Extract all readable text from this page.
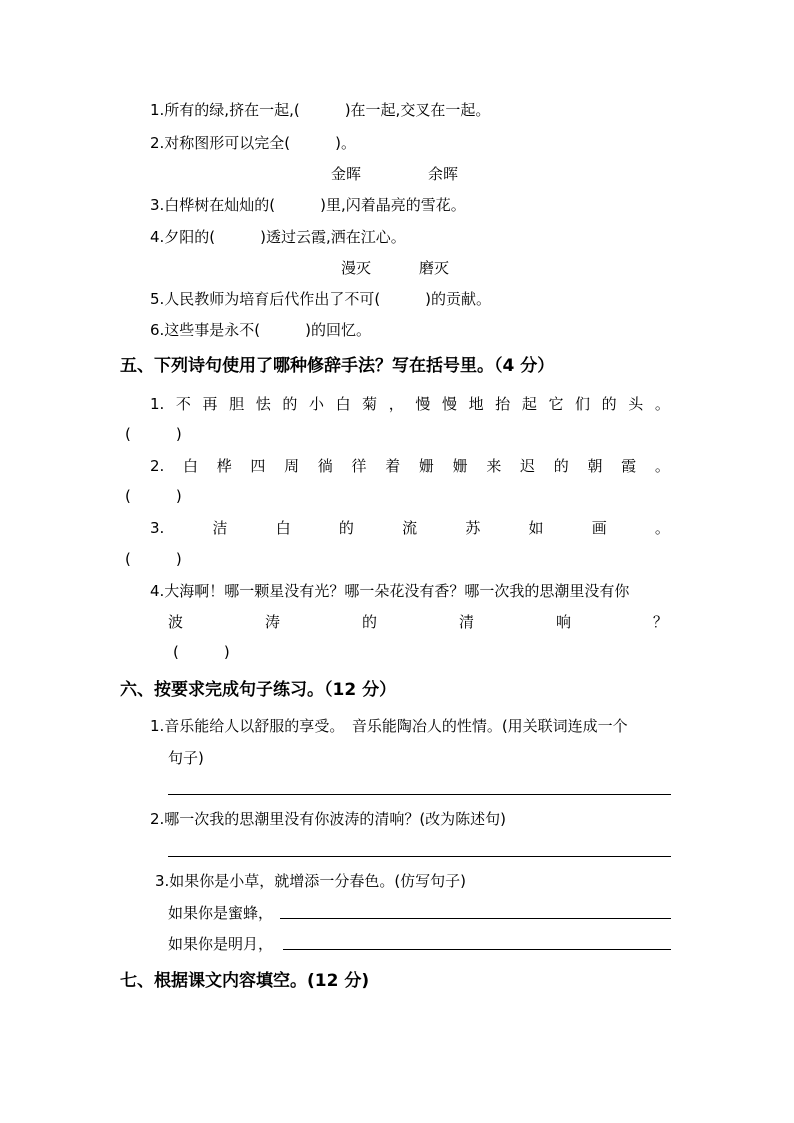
1.所有的绿,挤在一起,(　　　)在一起,交叉在一起。
2.对称图形可以完全(　　　)。
金晖	余晖
3.白桦树在灿灿的(　　　)里,闪着晶亮的雪花。
4.夕阳的(　　　)透过云霞,洒在江心。
漫灭	磨灭
5.人民教师为培育后代作出了不可(　　　)的贡献。
6.这些事是永不(　　　)的回忆。
五、下列诗句使用了哪种修辞手法？写在括号里。（4 分）
1. 不 再 胆 怯 的 小 白 菊 ， 慢 慢 地 抬 起 它 们 的 头 。
(　　　)
2. 白 桦 四 周 徜 徉 着 姗 姗 来 迟 的 朝 霞 。
(　　　)
3.	洁	白	的	流	苏	如	画	。
(　　　)
4.大海啊！哪一颗星没有光？哪一朵花没有香？哪一次我的思潮里没有你
波	涛	的	清	响	？
(　　　)
六、按要求完成句子练习。（12 分）
1.音乐能给人以舒服的享受。　音乐能陶冶人的性情。(用关联词连成一个
句子)
2.哪一次我的思潮里没有你波涛的清响？(改为陈述句)
3.如果你是小草，就增添一分春色。(仿写句子)
如果你是蜜蜂，
如果你是明月，
七、根据课文内容填空。(12 分)
